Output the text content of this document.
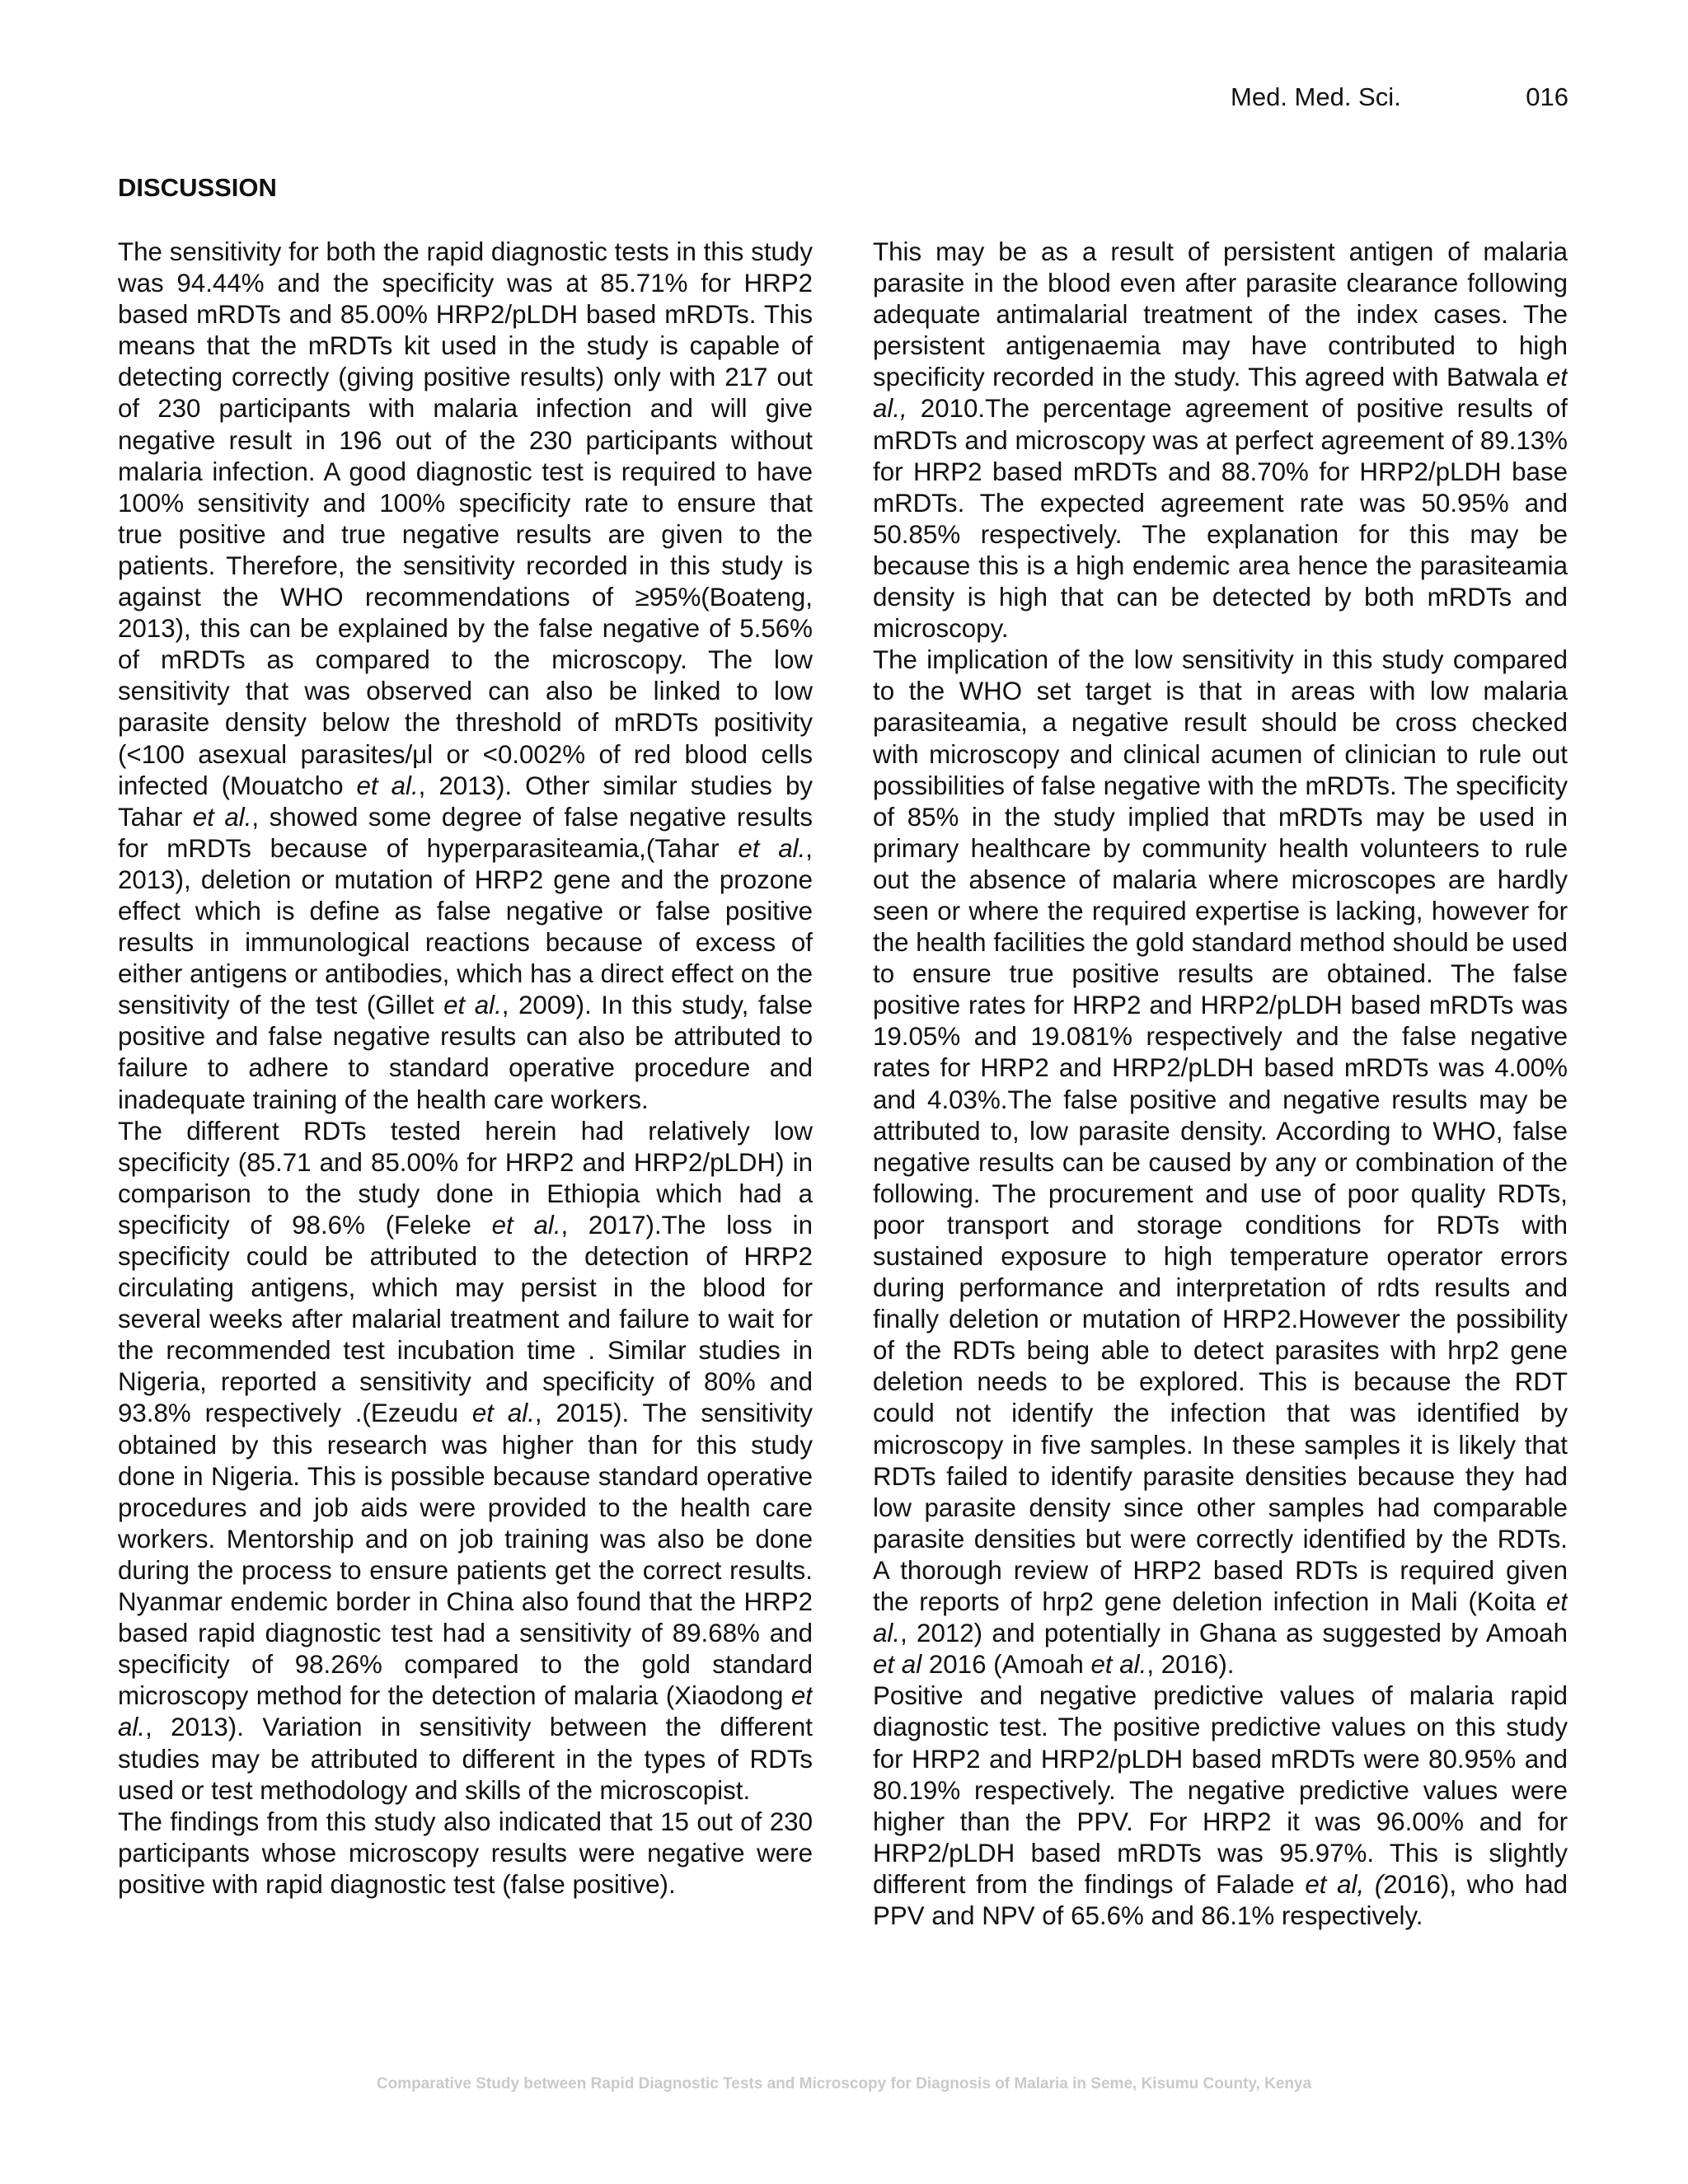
Med. Med. Sci.	016
DISCUSSION

The sensitivity for both the rapid diagnostic tests in this study was 94.44% and the specificity was at 85.71% for HRP2 based mRDTs and 85.00% HRP2/pLDH based mRDTs. This means that the mRDTs kit used in the study is capable of detecting correctly (giving positive results) only with 217 out of 230 participants with malaria infection and will give negative result in 196 out of the 230 participants without malaria infection. A good diagnostic test is required to have 100% sensitivity and 100% specificity rate to ensure that true positive and true negative results are given to the patients. Therefore, the sensitivity recorded in this study is against the WHO recommendations of ≥95%(Boateng, 2013), this can be explained by the false negative of 5.56% of mRDTs as compared to the microscopy. The low sensitivity that was observed can also be linked to low parasite density below the threshold of mRDTs positivity (<100 asexual parasites/μl or <0.002% of red blood cells infected (Mouatcho et al., 2013). Other similar studies by Tahar et al., showed some degree of false negative results for mRDTs because of hyperparasiteamia,(Tahar et al., 2013), deletion or mutation of HRP2 gene and the prozone effect which is define as false negative or false positive results in immunological reactions because of excess of either antigens or antibodies, which has a direct effect on the sensitivity of the test (Gillet et al., 2009). In this study, false positive and false negative results can also be attributed to failure to adhere to standard operative procedure and inadequate training of the health care workers.

The different RDTs tested herein had relatively low specificity (85.71 and 85.00% for HRP2 and HRP2/pLDH) in comparison to the study done in Ethiopia which had a specificity of 98.6% (Feleke et al., 2017).The loss in specificity could be attributed to the detection of HRP2 circulating antigens, which may persist in the blood for several weeks after malarial treatment and failure to wait for the recommended test incubation time . Similar studies in Nigeria, reported a sensitivity and specificity of 80% and 93.8% respectively .(Ezeudu et al., 2015). The sensitivity obtained by this research was higher than for this study done in Nigeria. This is possible because standard operative procedures and job aids were provided to the health care workers. Mentorship and on job training was also be done during the process to ensure patients get the correct results. Nyanmar endemic border in China also found that the HRP2 based rapid diagnostic test had a sensitivity of 89.68% and specificity of 98.26% compared to the gold standard microscopy method for the detection of malaria (Xiaodong et al., 2013). Variation in sensitivity between the different studies may be attributed to different in the types of RDTs used or test methodology and skills of the microscopist.

The findings from this study also indicated that 15 out of 230 participants whose microscopy results were negative were positive with rapid diagnostic test (false positive).

This may be as a result of persistent antigen of malaria parasite in the blood even after parasite clearance following adequate antimalarial treatment of the index cases. The persistent antigenaemia may have contributed to high specificity recorded in the study. This agreed with Batwala et al., 2010.The percentage agreement of positive results of mRDTs and microscopy was at perfect agreement of 89.13% for HRP2 based mRDTs and 88.70% for HRP2/pLDH base mRDTs. The expected agreement rate was 50.95% and 50.85% respectively. The explanation for this may be because this is a high endemic area hence the parasiteamia density is high that can be detected by both mRDTs and microscopy.

The implication of the low sensitivity in this study compared to the WHO set target is that in areas with low malaria parasiteamia, a negative result should be cross checked with microscopy and clinical acumen of clinician to rule out possibilities of false negative with the mRDTs. The specificity of 85% in the study implied that mRDTs may be used in primary healthcare by community health volunteers to rule out the absence of malaria where microscopes are hardly seen or where the required expertise is lacking, however for the health facilities the gold standard method should be used to ensure true positive results are obtained. The false positive rates for HRP2 and HRP2/pLDH based mRDTs was 19.05% and 19.081% respectively and the false negative rates for HRP2 and HRP2/pLDH based mRDTs was 4.00% and 4.03%.The false positive and negative results may be attributed to, low parasite density. According to WHO, false negative results can be caused by any or combination of the following. The procurement and use of poor quality RDTs, poor transport and storage conditions for RDTs with sustained exposure to high temperature operator errors during performance and interpretation of rdts results and finally deletion or mutation of HRP2.However the possibility of the RDTs being able to detect parasites with hrp2 gene deletion needs to be explored. This is because the RDT could not identify the infection that was identified by microscopy in five samples. In these samples it is likely that RDTs failed to identify parasite densities because they had low parasite density since other samples had comparable parasite densities but were correctly identified by the RDTs. A thorough review of HRP2 based RDTs is required given the reports of hrp2 gene deletion infection in Mali (Koita et al., 2012) and potentially in Ghana as suggested by Amoah et al 2016 (Amoah et al., 2016).

Positive and negative predictive values of malaria rapid diagnostic test. The positive predictive values on this study for HRP2 and HRP2/pLDH based mRDTs were 80.95% and 80.19% respectively. The negative predictive values were higher than the PPV. For HRP2 it was 96.00% and for HRP2/pLDH based mRDTs was 95.97%. This is slightly different from the findings of Falade et al, (2016), who had PPV and NPV of 65.6% and 86.1% respectively.

Comparative Study between Rapid Diagnostic Tests and Microscopy for Diagnosis of Malaria in Seme, Kisumu County, Kenya
